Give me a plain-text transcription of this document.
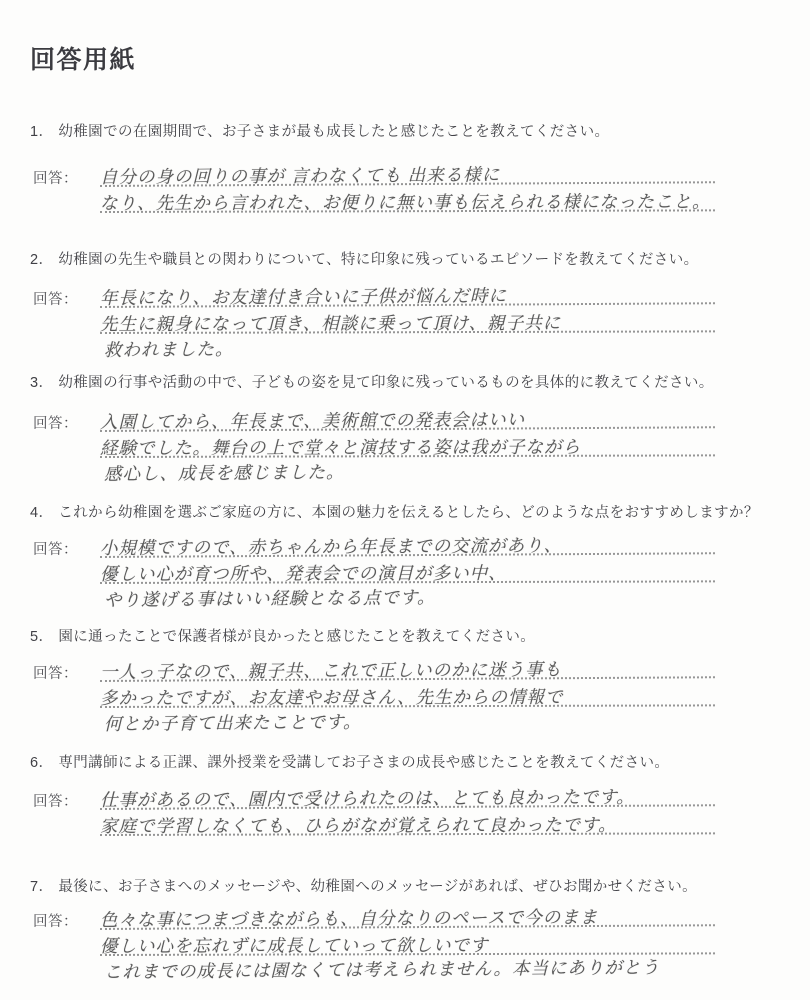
回答用紙
1． 幼稚園での在園期間で、お子さまが最も成長したと感じたことを教えてください。
回答：	自分の身の回りの事が 言わなくても 出来る様に
なり、先生から言われた、お便りに無い事も伝えられる様になったこと。
2． 幼稚園の先生や職員との関わりについて、特に印象に残っているエピソードを教えてください。
回答：	年長になり、お友達付き合いに子供が悩んだ時に
先生に親身になって頂き、相談に乗って頂け、親子共に
救われました。
3． 幼稚園の行事や活動の中で、子どもの姿を見て印象に残っているものを具体的に教えてください。
回答：	入園してから、年長まで、美術館での発表会はいい
経験でした。舞台の上で堂々と演技する姿は我が子ながら
感心し、成長を感じました。
4． これから幼稚園を選ぶご家庭の方に、本園の魅力を伝えるとしたら、どのような点をおすすめしますか？
回答：	小規模ですので、赤ちゃんから年長までの交流があり、
優しい心が育つ所や、発表会での演目が多い中、
やり遂げる事はいい経験となる点です。
5． 園に通ったことで保護者様が良かったと感じたことを教えてください。
回答：	一人っ子なので、親子共、これで正しいのかに迷う事も
多かったですが、お友達やお母さん、先生からの情報で
何とか子育て出来たことです。
6． 専門講師による正課、課外授業を受講してお子さまの成長や感じたことを教えてください。
回答：	仕事があるので、園内で受けられたのは、とても良かったです。
家庭で学習しなくても、ひらがなが覚えられて良かったです。
7． 最後に、お子さまへのメッセージや、幼稚園へのメッセージがあれば、ぜひお聞かせください。
回答：	色々な事につまづきながらも、自分なりのペースで今のまま
優しい心を忘れずに成長していって欲しいです
これまでの成長には園なくては考えられません。本当にありがとう
